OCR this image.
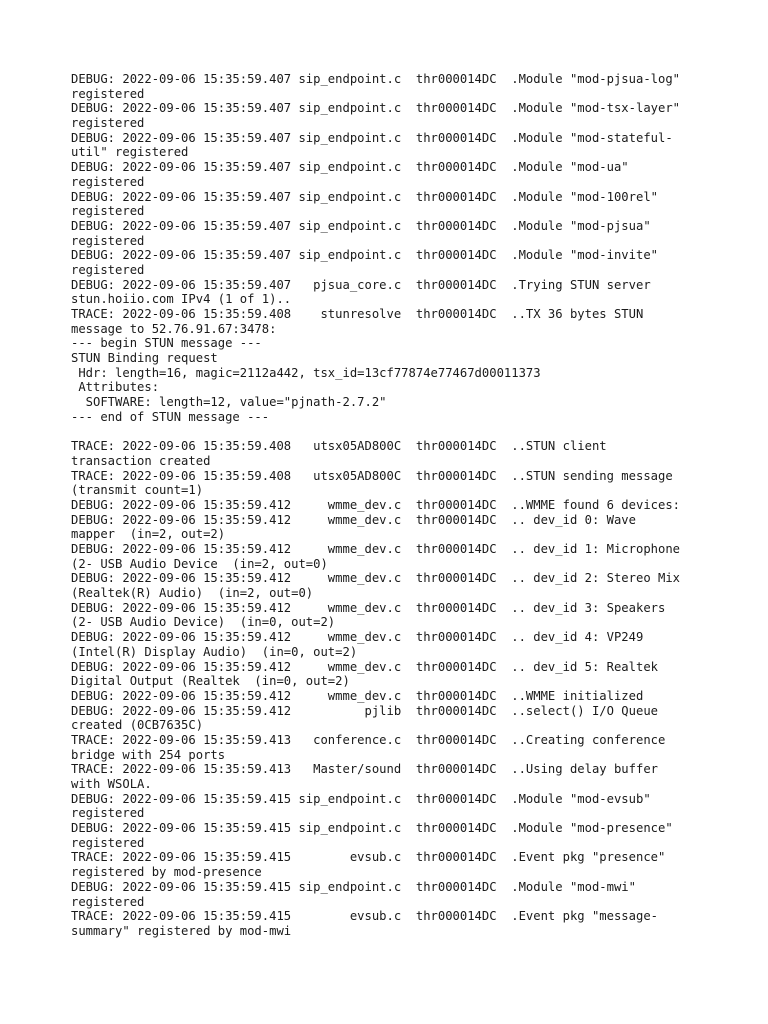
DEBUG: 2022-09-06 15:35:59.407 sip_endpoint.c  thr000014DC  .Module "mod-pjsua-log"
registered
DEBUG: 2022-09-06 15:35:59.407 sip_endpoint.c  thr000014DC  .Module "mod-tsx-layer"
registered
DEBUG: 2022-09-06 15:35:59.407 sip_endpoint.c  thr000014DC  .Module "mod-stateful-
util" registered
DEBUG: 2022-09-06 15:35:59.407 sip_endpoint.c  thr000014DC  .Module "mod-ua"
registered
DEBUG: 2022-09-06 15:35:59.407 sip_endpoint.c  thr000014DC  .Module "mod-100rel"
registered
DEBUG: 2022-09-06 15:35:59.407 sip_endpoint.c  thr000014DC  .Module "mod-pjsua"
registered
DEBUG: 2022-09-06 15:35:59.407 sip_endpoint.c  thr000014DC  .Module "mod-invite"
registered
DEBUG: 2022-09-06 15:35:59.407   pjsua_core.c  thr000014DC  .Trying STUN server
stun.hoiio.com IPv4 (1 of 1)..
TRACE: 2022-09-06 15:35:59.408    stunresolve  thr000014DC  ..TX 36 bytes STUN
message to 52.76.91.67:3478:
--- begin STUN message ---
STUN Binding request
Hdr: length=16, magic=2112a442, tsx_id=13cf77874e77467d00011373
Attributes:
SOFTWARE: length=12, value="pjnath-2.7.2"
--- end of STUN message ---
TRACE: 2022-09-06 15:35:59.408   utsx05AD800C  thr000014DC  ..STUN client
transaction created
TRACE: 2022-09-06 15:35:59.408   utsx05AD800C  thr000014DC  ..STUN sending message
(transmit count=1)
DEBUG: 2022-09-06 15:35:59.412     wmme_dev.c  thr000014DC  ..WMME found 6 devices:
DEBUG: 2022-09-06 15:35:59.412     wmme_dev.c  thr000014DC  .. dev_id 0: Wave
mapper  (in=2, out=2)
DEBUG: 2022-09-06 15:35:59.412     wmme_dev.c  thr000014DC  .. dev_id 1: Microphone
(2- USB Audio Device  (in=2, out=0)
DEBUG: 2022-09-06 15:35:59.412     wmme_dev.c  thr000014DC  .. dev_id 2: Stereo Mix
(Realtek(R) Audio)  (in=2, out=0)
DEBUG: 2022-09-06 15:35:59.412     wmme_dev.c  thr000014DC  .. dev_id 3: Speakers
(2- USB Audio Device)  (in=0, out=2)
DEBUG: 2022-09-06 15:35:59.412     wmme_dev.c  thr000014DC  .. dev_id 4: VP249
(Intel(R) Display Audio)  (in=0, out=2)
DEBUG: 2022-09-06 15:35:59.412     wmme_dev.c  thr000014DC  .. dev_id 5: Realtek
Digital Output (Realtek  (in=0, out=2)
DEBUG: 2022-09-06 15:35:59.412     wmme_dev.c  thr000014DC  ..WMME initialized
DEBUG: 2022-09-06 15:35:59.412          pjlib  thr000014DC  ..select() I/O Queue
created (0CB7635C)
TRACE: 2022-09-06 15:35:59.413   conference.c  thr000014DC  ..Creating conference
bridge with 254 ports
TRACE: 2022-09-06 15:35:59.413   Master/sound  thr000014DC  ..Using delay buffer
with WSOLA.
DEBUG: 2022-09-06 15:35:59.415 sip_endpoint.c  thr000014DC  .Module "mod-evsub"
registered
DEBUG: 2022-09-06 15:35:59.415 sip_endpoint.c  thr000014DC  .Module "mod-presence"
registered
TRACE: 2022-09-06 15:35:59.415        evsub.c  thr000014DC  .Event pkg "presence"
registered by mod-presence
DEBUG: 2022-09-06 15:35:59.415 sip_endpoint.c  thr000014DC  .Module "mod-mwi"
registered
TRACE: 2022-09-06 15:35:59.415        evsub.c  thr000014DC  .Event pkg "message-
summary" registered by mod-mwi
